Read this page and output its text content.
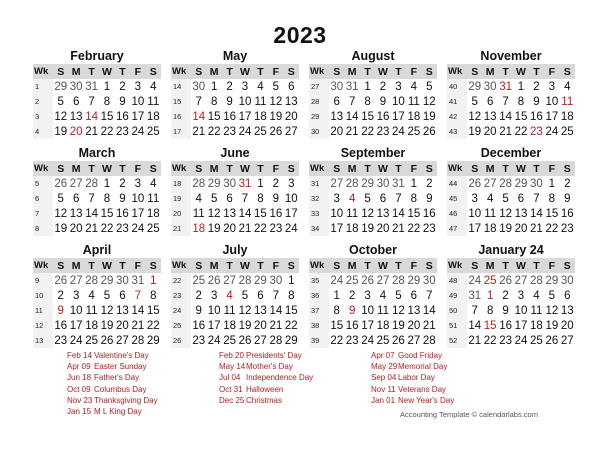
2023
February
Wk	S	M	T	W	T	F	S
1	29	30	31	1	2	3	4
2	5	6	7	8	9	10	11
3	12	13	14	15	16	17	18
4	19	20	21	22	23	24	25
May
Wk	S	M	T	W	T	F	S
14	30	1	2	3	4	5	6
15	7	8	9	10	11	12	13
16	14	15	16	17	18	19	20
17	21	22	23	24	25	26	27
August
Wk	S	M	T	W	T	F	S
27	30	31	1	2	3	4	5
28	6	7	8	9	10	11	12
29	13	14	15	16	17	18	19
30	20	21	22	23	24	25	26
November
Wk	S	M	T	W	T	F	S
40	29	30	31	1	2	3	4
41	5	6	7	8	9	10	11
42	12	13	14	15	16	17	18
43	19	20	21	22	23	24	25
March
Wk	S	M	T	W	T	F	S
5	26	27	28	1	2	3	4
6	5	6	7	8	9	10	11
7	12	13	14	15	16	17	18
8	19	20	21	22	23	24	25
June
Wk	S	M	T	W	T	F	S
18	28	29	30	31	1	2	3
19	4	5	6	7	8	9	10
20	11	12	13	14	15	16	17
21	18	19	20	21	22	23	24
September
Wk	S	M	T	W	T	F	S
31	27	28	29	30	31	1	2
32	3	4	5	6	7	8	9
33	10	11	12	13	14	15	16
34	17	18	19	20	21	22	23
December
Wk	S	M	T	W	T	F	S
44	26	27	28	29	30	1	2
45	3	4	5	6	7	8	9
46	10	11	12	13	14	15	16
47	17	18	19	20	21	22	23
April
Wk	S	M	T	W	T	F	S
9	26	27	28	29	30	31	1
10	2	3	4	5	6	7	8
11	9	10	11	12	13	14	15
12	16	17	18	19	20	21	22
13	23	24	25	26	27	28	29
July
Wk	S	M	T	W	T	F	S
22	25	26	27	28	29	30	1
23	2	3	4	5	6	7	8
24	9	10	11	12	13	14	15
25	16	17	18	19	20	21	22
26	23	24	25	26	27	28	29
October
Wk	S	M	T	W	T	F	S
35	24	25	26	27	28	29	30
36	1	2	3	4	5	6	7
37	8	9	10	11	12	13	14
38	15	16	17	18	19	20	21
39	22	23	24	25	26	27	28
January 24
Wk	S	M	T	W	T	F	S
48	24	25	26	27	28	29	30
49	31	1	2	3	4	5	6
50	7	8	9	10	11	12	13
51	14	15	16	17	18	19	20
52	21	22	23	24	25	26	27
Feb 14 Valentine's Day
Apr 09 Easter Sunday
Jun 18 Father's Day
Oct 09 Columbus Day
Nov 23 Thanksgiving Day
Jan 15 M L King Day
Feb 20 Presidents' Day
May 14 Mother's Day
Jul 04 Independence Day
Oct 31 Halloween
Dec 25 Christmas
Apr 07 Good Friday
May 29 Memorial Day
Sep 04 Labor Day
Nov 11 Veterans Day
Jan 01 New Year's Day
Accounting Template © calendarlabs.com
